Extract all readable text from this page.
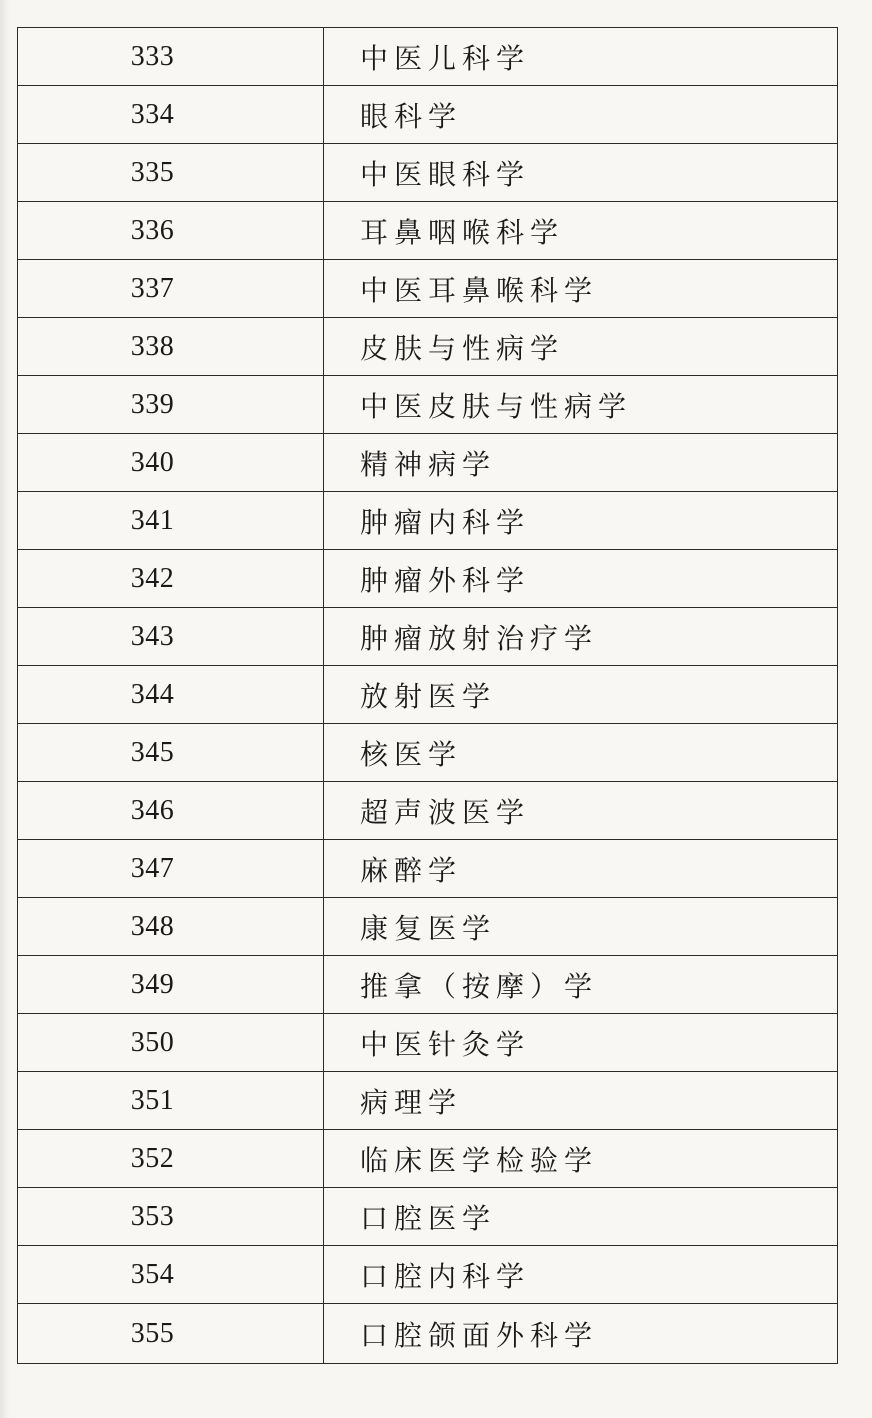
333	中医儿科学
334	眼科学
335	中医眼科学
336	耳鼻咽喉科学
337	中医耳鼻喉科学
338	皮肤与性病学
339	中医皮肤与性病学
340	精神病学
341	肿瘤内科学
342	肿瘤外科学
343	肿瘤放射治疗学
344	放射医学
345	核医学
346	超声波医学
347	麻醉学
348	康复医学
349	推拿（按摩）学
350	中医针灸学
351	病理学
352	临床医学检验学
353	口腔医学
354	口腔内科学
355	口腔颌面外科学
